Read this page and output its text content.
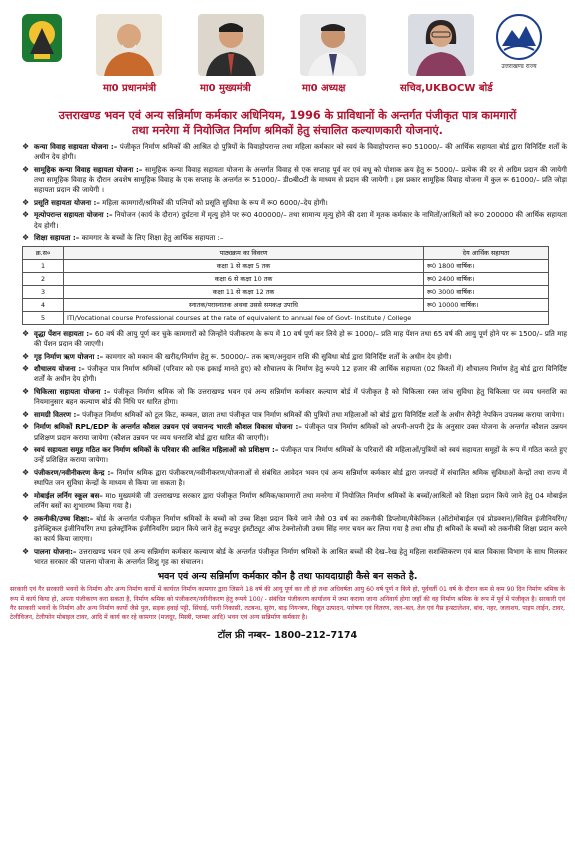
मा0 प्रधानमंत्री	मा0 मुख्यमंत्री	मा0 अध्यक्ष	सचिव,UKBOCW बोर्ड
उत्तराखण्ड राज्य
उत्तराखण्ड भवन एवं अन्य सन्निर्माण कर्मकार अधिनियम, 1996 के प्राविधानों के अन्तर्गत पंजीकृत पात्र कामगारों
तथा मनरेगा में नियोजित निर्माण श्रमिकों हेतु संचालित कल्याणकारी योजनाएं.
❖ कन्या विवाह सहायता योजना :– पंजीकृत निर्माण श्रमिकों की आश्रित दो पुत्रियों के विवाहोपरान्त तथा महिला कर्मकार को स्वयं के विवाहोपरान्त रू0 51000/– की आर्थिक सहायता बोर्ड द्वारा विनिर्दिष्ट शर्तों के अधीन देय होगी।
❖ सामूहिक कन्या विवाह सहायता योजना :– सामूहिक कन्या विवाह सहायता योजना के अन्तर्गत विवाह से एक सप्ताह पूर्व वर एवं वधू को पोशाक क्रय हेतु रू 5000/– प्रत्येक की दर से अग्रिम प्रदान की जायेगी तथा सामूहिक विवाह के दौरान अवशेष सामूहिक विवाह के एक सप्ताह के अन्तर्गत रू 51000/– डीoबीoटी के माध्यम से प्रदान की जायेगी । इस प्रकार सामूहिक विवाह योजना में कुल रू 61000/– प्रति जोड़ा सहायता प्रदान की जायेगी ।
❖ प्रसूति सहायता योजना :– महिला कामगारों/श्रमिकों की पत्नियों को प्रसूति सुविधा के रूप में रू0 6000/–देय होगी।
❖ मृत्योपरान्त सहायता योजना :– नियोजन (कार्य के दौरान) दुर्घटना में मृत्यु होने पर रू0 400000/– तथा सामान्य मृत्यु होने की दशा में मृतक कर्मकार के नामितों/आश्रितों को रू0 200000 की आर्थिक सहायता देय होगी।
❖ शिक्षा सहायता :– कामगार के बच्चों के लिए शिक्षा हेतु आर्थिक सहायता :–
क्र.स०	पाठ्यक्रम का विवरण	देय आर्थिक सहायता
1	कक्षा 1 से कक्षा 5 तक	रू0 1800 वार्षिक।
2	कक्षा 6 से कक्षा 10 तक	रू0 2400 वार्षिक।
3	कक्षा 11 से कक्षा 12 तक	रू0 3000 वार्षिक।
4	स्नातक/परास्नातक अथवा उससे समकक्ष उपाधि	रू0 10000 वार्षिक।
5	ITI/Vocational course Professional courses at the rate of equivalent to annual fee of Govt- Institute / College	
❖ वृद्धा पेंशन सहायता :– 60 वर्ष की आयु पूर्ण कर चुके कामगारों को जिन्होंने पंजीकरण के रूप में 10 वर्ष पूर्ण कर लिये हो रू 1000/– प्रति माह पेंशन तथा 65 वर्ष की आयु पूर्ण होने पर रू 1500/– प्रति माह की पेंशन प्रदान की जाएगी।
❖ गृह निर्माण ऋण योजना :– कामगार को मकान की खरीद/निर्माण हेतु रू. 50000/– तक ऋण/अनुदान राशि की सुविधा बोर्ड द्वारा विनिर्दिष्ट शर्तों के अधीन देय होगी।
❖ शौचालय योजना :– पंजीकृत पात्र निर्माण श्रमिकों (परिवार को एक इकाई मानते हुए) को शौचालय के निर्माण हेतु रूपये 12 हजार की आर्थिक सहायता (02 किश्तों में) शौचालय निर्माण हेतु बोर्ड द्वारा विनिर्दिष्ट शर्तों के अधीन देय होगी।
❖ चिकित्सा सहायता योजना :– पंजीकृत निर्माण श्रमिक जो कि उत्तराखण्ड भवन एवं अन्य सन्निर्माण कर्मकार कल्याण बोर्ड में पंजीकृत है को चिकित्सा रक्त जांच सुविधा हेतु चिकित्सा पर व्यय धनराशि का नियमानुसार बहन कल्याण बोर्ड की निधि पर धारित होगा।
❖ सामग्री वितरण :– पंजीकृत निर्माण श्रमिकों को टूल किट, कम्बल, छाता तथा पंजीकृत पात्र निर्माण श्रमिकों की पुत्रियों तथा महिलाओं को बोर्ड द्वारा विनिर्दिष्ट शर्तों के अधीन सैनेट्री नेपकिन उपलब्ध कराया जायेगा।
❖ निर्माण श्रमिकों RPL/EDP के अन्तर्गत कौशल उन्नयन एवं जयानन्द भारती कौशल विकास योजना :– पंजीकृत पात्र निर्माण श्रमिकों को अपनी-अपनी ट्रेड के अनुसार उक्त योजना के अन्तर्गत कौशल उन्नयन प्रशिक्षण प्रदान कराया जायेगा (कौशल उन्नयन पर व्यय धनराशि बोर्ड द्वारा धारित की जाएगी)।
❖ स्वयं सहायता समूह गठित कर निर्माण श्रमिकों के परिवार की आश्रित महिलाओं को प्रशिक्षण :– पंजीकृत पात्र निर्माण श्रमिकों के परिवारों की महिलाओं/पुत्रियों को स्वयं सहायता समूहों के रूप में गठित करते हुए उन्हें प्रशिक्षित कराया जायेगा।
❖ पंजीकरण/नवीनीकरण केन्द्र :– निर्माण श्रमिक द्वारा पंजीकरण/नवीनीकरण/योजनाओं से संबंधित आवेदन भवन एवं अन्य सन्निर्माण कर्मकार बोर्ड द्वारा जनपदों में संचालित श्रमिक सुविधाओं केन्द्रों तथा राज्य में स्थापित जन सुविधा केन्द्रों के माध्यम से किया जा सकता है।
❖ मोबाईल लर्निग स्कूल बस– माo मुख्यमंत्री जी उत्तराखण्ड सरकार द्वारा पंजीकृत निर्माण श्रमिक/कामगारों तथा मनरेगा में नियोजित निर्माण श्रमिकों के बच्चों/आश्रितों को शिक्षा प्रदान किये जाने हेतु 04 मोबाईल लर्निग बसों का शुभारम्भ किया गया है।
❖ तकनीकी/उच्च शिक्षा:– बोर्ड के अन्तर्गत पंजीकृत निर्माण श्रमिकों के बच्चों को उच्च शिक्षा प्रदान किये जाने जैसे 03 वर्ष का तकनीकी डिप्लोमा/मैकेनिकल (ऑटोमोबाईल एवं प्रोडक्शन)/सिविल इंजीनियरिंग/इलेक्ट्रिकल इंजीनियरिंग तथा इलेक्ट्रॉनिक इंजीनियरिंग प्रदान किये जाने हेतु रूद्रपुर इंस्टीट्यूट ऑफ टेक्नोलोजी उधम सिंह नगर चयन कर लिया गया है तथा शीघ्र ही श्रमिकों के बच्चों को तकनीकी शिक्षा प्रदान करने का कार्य किया जाएगा।
❖ पालना योजना:– उत्तराखण्ड भवन एवं अन्य सन्निर्माण कर्मकार कल्याण बोर्ड के अन्तर्गत पंजीकृत निर्माण श्रमिकों के आश्रित बच्चों की देख–रेख हेतु महिला सशक्तिकरण एवं बाल विकास विभाग के साथ मिलकर भारत सरकार की पालना योजना के अन्तर्गत शिशु गृह का संचालन।
भवन एवं अन्य सन्निर्माण कर्मकार कौन है तथा फायदाग्राही कैसे बन सकते है.
सरकारी एवं गैर सरकारी भवनों के निर्माण और अन्य निर्माण कार्यो में कार्यरत निर्माण कामगार द्वारा जिसने 18 वर्ष की आयु पूर्ण कर ली हो तथा अधिवर्षता आयु 60 वर्ष पूर्ण न किये हो, पूर्ववर्ती 01 वर्ष के दौरान कम से कम 90 दिन निर्माण श्रमिक के रूप में कार्य किया हो, अपना पंजीकरण करा सकता है, निर्माण श्रमिक को पंजीकरण/नवीनीकरण हेतु रूपये 100/ - संबंधित पंजीकरण कार्यालय में जमा कराया जाना अनिवार्य होगा जहाँ की वह निर्माण श्रमिक के रूप में पूर्व में पंजीकृत है। सरकारी एवं गैर सरकारी भवनों के निर्माण और अन्य निर्माण कार्यो जैसे पुल, सड़क हवाई पट्टी, सिंचाई, पानी निकासी, तटबन्ध, सुरंग, बाढ़ नियन्त्रण, विद्युत उत्पादन, पारेषण एवं वितरण, जल–बल, तेल एवं गैस इन्स्टालेशन, बांध, नहर, जलाशय, पाइप लाईन, टावर, टेलीविजन, टेलीफोन मोबाइल टावर, आदि में कार्य कर रहे कामगार (मजदूर, मिस्त्री, प्लम्बर आदि) भवन एवं अन्य सन्निर्माण कर्मकार है।
टॉल फ्री नम्बर– 1800–212–7174
